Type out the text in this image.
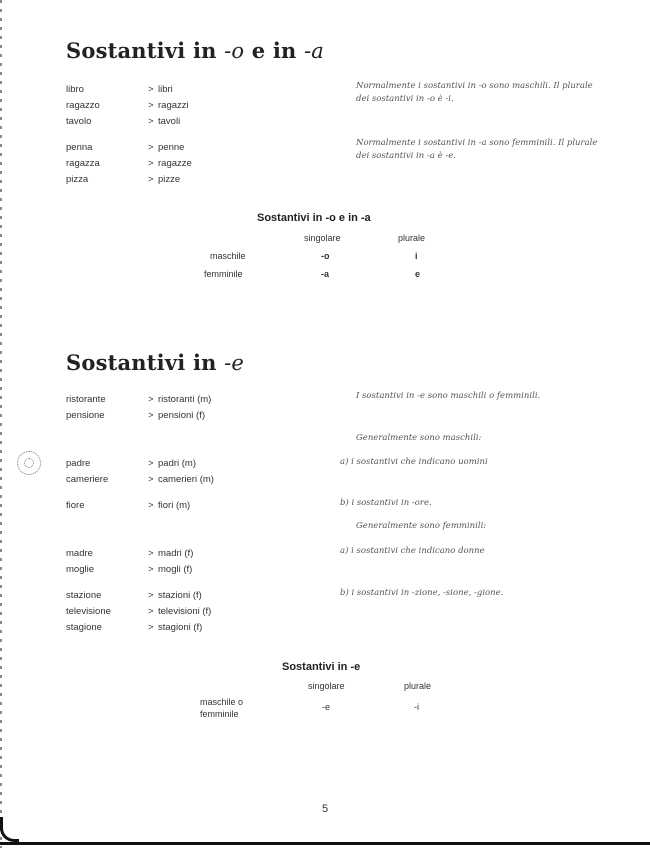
Sostantivi in -o e in -a
libro	> libri
ragazzo	> ragazzi
tavolo	> tavoli
penna	> penne
ragazza	> ragazze
pizza	> pizze
Normalmente i sostantivi in -o sono maschili. Il plurale dei sostantivi in -o è -i.
Normalmente i sostantivi in -a sono femminili. Il plurale dei sostantivi in -a è -e.
Sostantivi in -o e in -a
singolare	plurale
maschile	-o	i
femminile	-a	e
Sostantivi in -e
ristorante	> ristoranti (m)
pensione	> pensioni (f)
padre	> padri (m)
cameriere	> camerieri (m)
fiore	> fiori (m)
madre	> madri (f)
moglie	> mogli (f)
stazione	> stazioni (f)
televisione	> televisioni (f)
stagione	> stagioni (f)
I sostantivi in -e sono maschili o femminili.
Generalmente sono maschili:
a) i sostantivi che indicano uomini
b) i sostantivi in -ore.
Generalmente sono femminili:
a) i sostantivi che indicano donne
b) i sostantivi in -zione, -sione, -gione.
Sostantivi in -e
singolare	plurale
maschile o
femminile
-e	-i
5
